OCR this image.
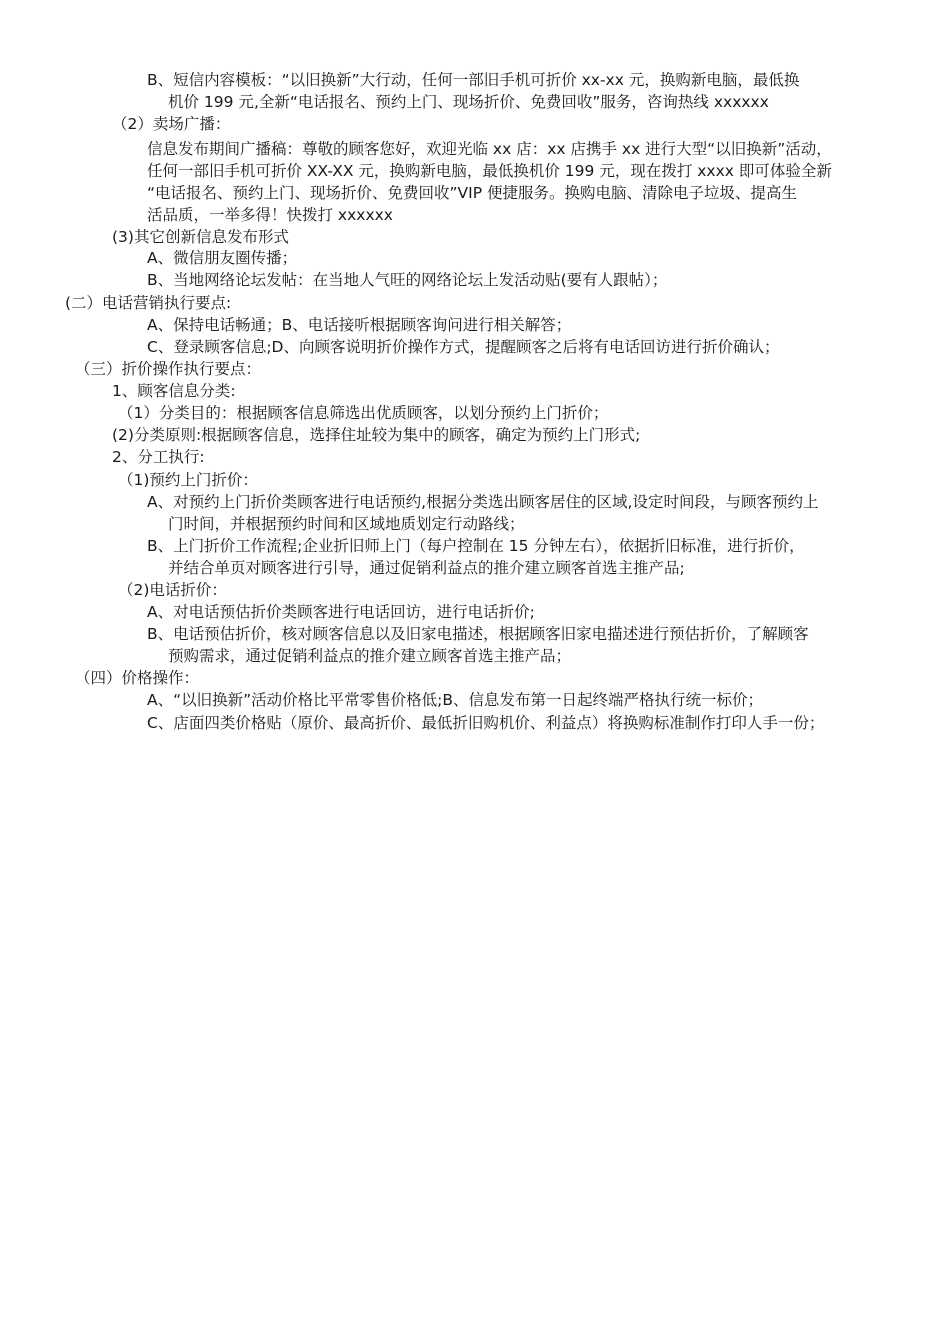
B、短信内容模板：“以旧换新”大行动，任何一部旧手机可折价 xx-xx 元，换购新电脑，最低换
机价 199 元,全新“电话报名、预约上门、现场折价、免费回收”服务，咨询热线 xxxxxx
（2）卖场广播：
信息发布期间广播稿：尊敬的顾客您好，欢迎光临 xx 店：xx 店携手 xx 进行大型“以旧换新”活动，
任何一部旧手机可折价 XX-XX 元，换购新电脑，最低换机价 199 元，现在拨打 xxxx 即可体验全新
“电话报名、预约上门、现场折价、免费回收”VIP 便捷服务。换购电脑、清除电子垃圾、提高生
活品质，一举多得！快拨打 xxxxxx
(3)其它创新信息发布形式
A、微信朋友圈传播；
B、当地网络论坛发帖：在当地人气旺的网络论坛上发活动贴(要有人跟帖）；
(二）电话营销执行要点:
A、保持电话畅通；B、电话接听根据顾客询问进行相关解答；
C、登录顾客信息;D、向顾客说明折价操作方式，提醒顾客之后将有电话回访进行折价确认；
（三）折价操作执行要点：
1、顾客信息分类:
（1）分类目的：根据顾客信息筛选出优质顾客，以划分预约上门折价；
(2)分类原则:根据顾客信息，选择住址较为集中的顾客，确定为预约上门形式;
2、分工执行:
（1)预约上门折价：
A、对预约上门折价类顾客进行电话预约,根据分类选出顾客居住的区域,设定时间段，与顾客预约上
门时间，并根据预约时间和区域地质划定行动路线；
B、上门折价工作流程;企业折旧师上门（每户控制在 15 分钟左右），依据折旧标准，进行折价，
并结合单页对顾客进行引导，通过促销利益点的推介建立顾客首选主推产品;
（2)电话折价：
A、对电话预估折价类顾客进行电话回访，进行电话折价;
B、电话预估折价，核对顾客信息以及旧家电描述，根据顾客旧家电描述进行预估折价，了解顾客
预购需求，通过促销利益点的推介建立顾客首选主推产品；
（四）价格操作：
A、“以旧换新”活动价格比平常零售价格低;B、信息发布第一日起终端严格执行统一标价；
C、店面四类价格贴（原价、最高折价、最低折旧购机价、利益点）将换购标准制作打印人手一份；
